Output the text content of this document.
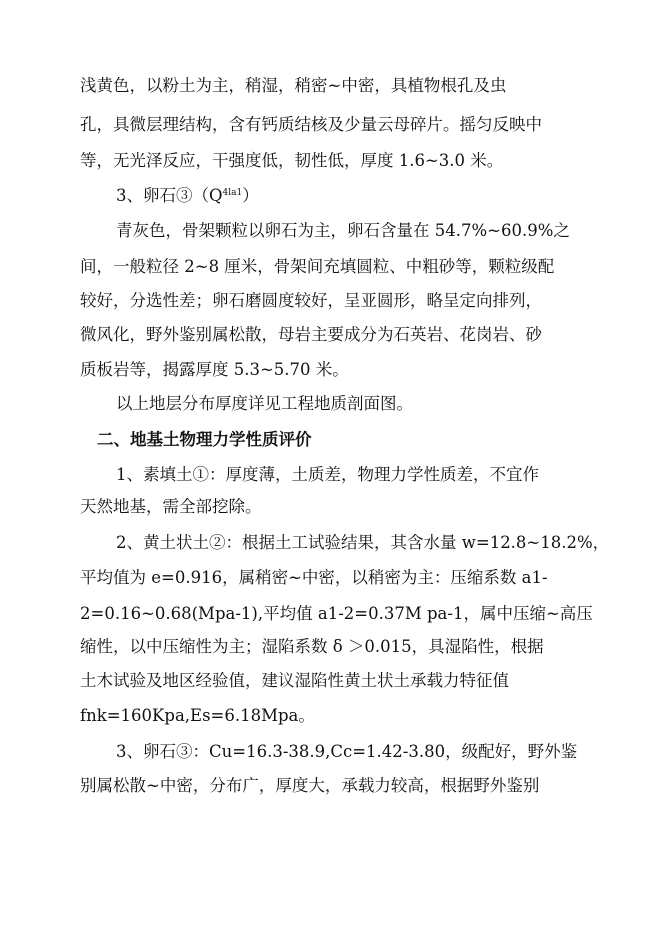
浅黄色，以粉土为主，稍湿，稍密~中密，具植物根孔及虫
孔，具微层理结构，含有钙质结核及少量云母碎片。摇匀反映中
等，无光泽反应，干强度低，韧性低，厚度 1.6~3.0 米。
3、卵石$③(Q^{4la1})$
青灰色，骨架颗粒以卵石为主，卵石含量在 54.7%~60.9%之
间，一般粒径 2~8 厘米，骨架间充填圆粒、中粗砂等，颗粒级配
较好，分选性差；卵石磨圆度较好，呈亚圆形，略呈定向排列，
微风化，野外鉴别属松散，母岩主要成分为石英岩、花岗岩、砂
质板岩等，揭露厚度 5.3~5.70 米。
以上地层分布厚度详见工程地质剖面图。
二、地基土物理力学性质评价
1、素填土①：厚度薄，土质差，物理力学性质差，不宜作
天然地基，需全部挖除。
2、黄土状土②：根据土工试验结果，其含水量 w=12.8~18.2%，
平均值为 e=0.916，属稍密~中密，以稍密为主：压缩系数 a1-
2=0.16~0.68(Mpa-1),平均值 a1-2=0.37M pa-1，属中压缩~高压
缩性，以中压缩性为主；湿陷系数 δ ＞0.015，具湿陷性，根据
土木试验及地区经验值，建议湿陷性黄土状土承载力特征值
fnk=160Kpa,Es=6.18Mpa。
3、卵石③：Cu=16.3-38.9,Cc=1.42-3.80，级配好，野外鉴
别属松散~中密，分布广，厚度大，承载力较高，根据野外鉴别
